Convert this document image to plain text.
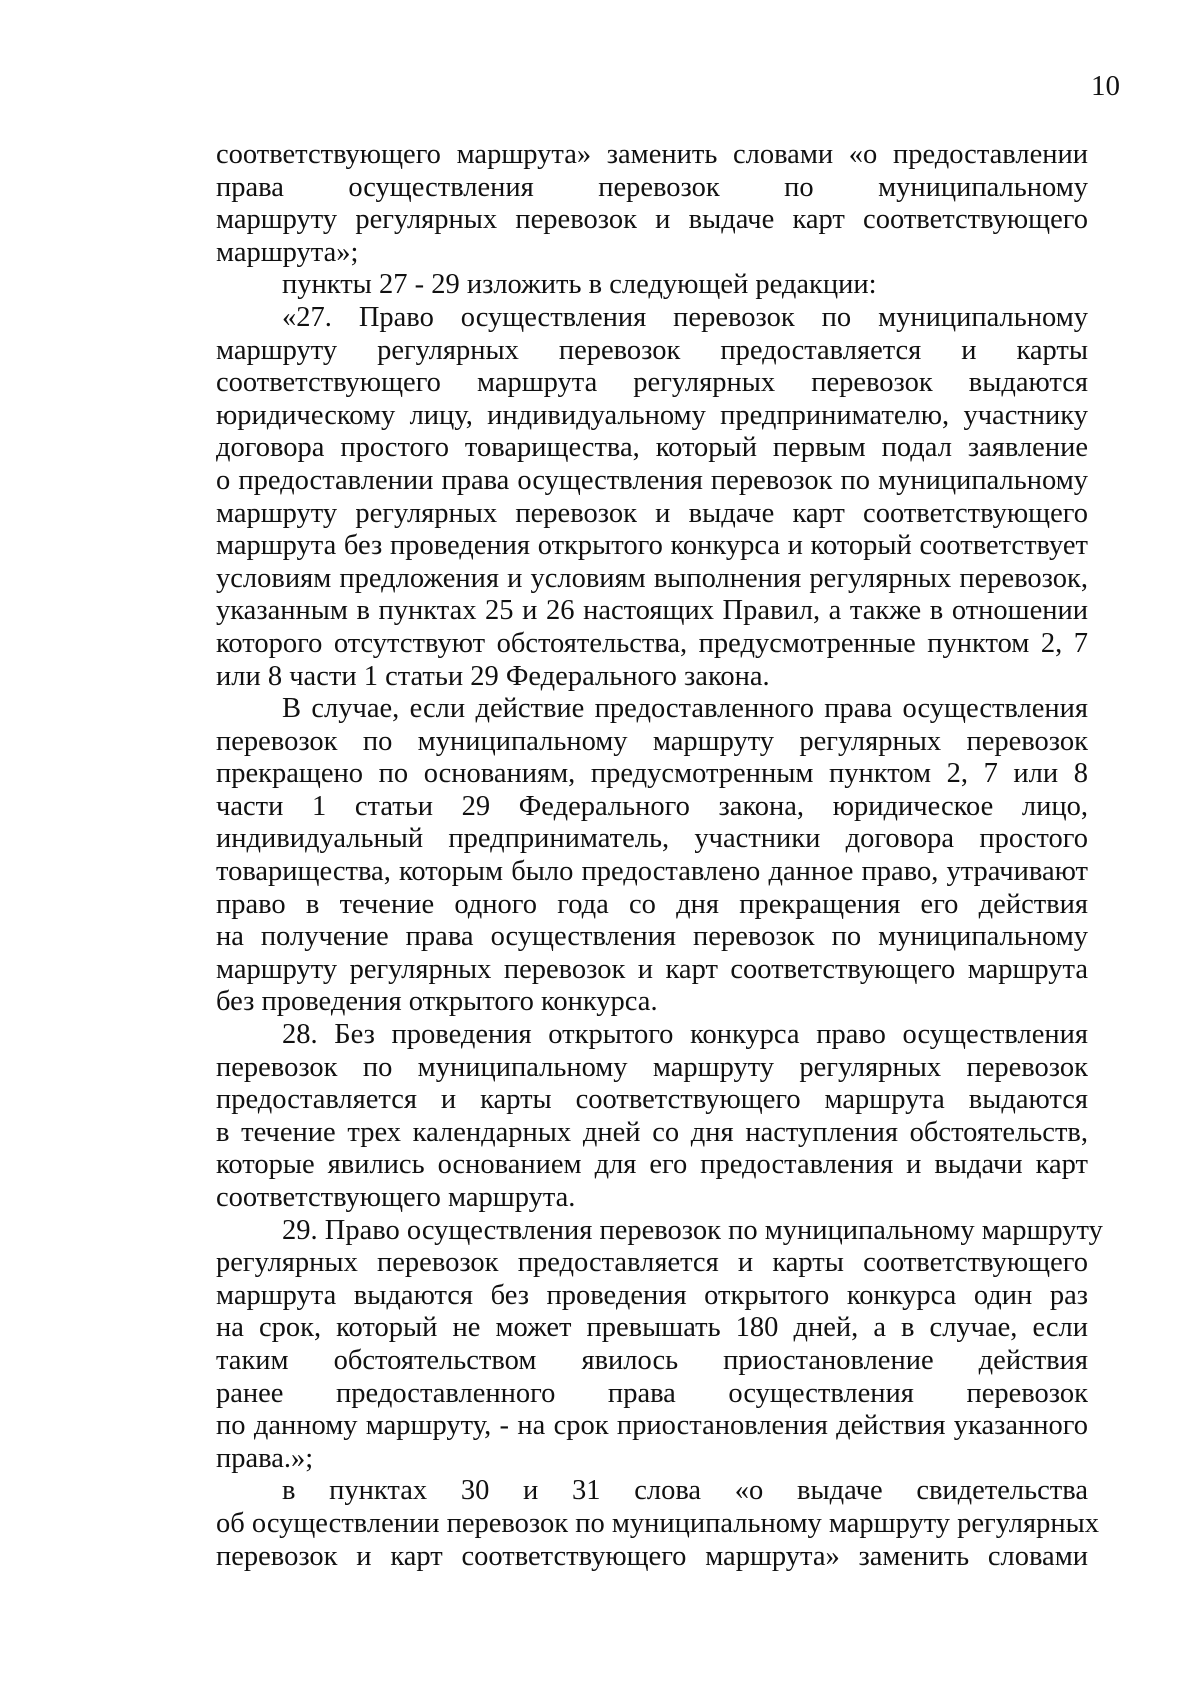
10

соответствующего маршрута» заменить словами «о предоставлении
права осуществления перевозок по муниципальному
маршруту регулярных перевозок и выдаче карт соответствующего
маршрута»;

пункты 27 - 29 изложить в следующей редакции:

«27. Право осуществления перевозок по муниципальному
маршруту регулярных перевозок предоставляется и карты
соответствующего маршрута регулярных перевозок выдаются
юридическому лицу, индивидуальному предпринимателю, участнику
договора простого товарищества, который первым подал заявление
о предоставлении права осуществления перевозок по муниципальному
маршруту регулярных перевозок и выдаче карт соответствующего
маршрута без проведения открытого конкурса и который соответствует
условиям предложения и условиям выполнения регулярных перевозок,
указанным в пунктах 25 и 26 настоящих Правил, а также в отношении
которого отсутствуют обстоятельства, предусмотренные пунктом 2, 7
или 8 части 1 статьи 29 Федерального закона.

В случае, если действие предоставленного права осуществления
перевозок по муниципальному маршруту регулярных перевозок
прекращено по основаниям, предусмотренным пунктом 2, 7 или 8
части 1 статьи 29 Федерального закона, юридическое лицо,
индивидуальный предприниматель, участники договора простого
товарищества, которым было предоставлено данное право, утрачивают
право в течение одного года со дня прекращения его действия
на получение права осуществления перевозок по муниципальному
маршруту регулярных перевозок и карт соответствующего маршрута
без проведения открытого конкурса.

28. Без проведения открытого конкурса право осуществления
перевозок по муниципальному маршруту регулярных перевозок
предоставляется и карты соответствующего маршрута выдаются
в течение трех календарных дней со дня наступления обстоятельств,
которые явились основанием для его предоставления и выдачи карт
соответствующего маршрута.

29. Право осуществления перевозок по муниципальному маршруту
регулярных перевозок предоставляется и карты соответствующего
маршрута выдаются без проведения открытого конкурса один раз
на срок, который не может превышать 180 дней, а в случае, если
таким обстоятельством явилось приостановление действия
ранее предоставленного права осуществления перевозок
по данному маршруту, - на срок приостановления действия указанного
права.»;

в пунктах 30 и 31 слова «о выдаче свидетельства
об осуществлении перевозок по муниципальному маршруту регулярных
перевозок и карт соответствующего маршрута» заменить словами
